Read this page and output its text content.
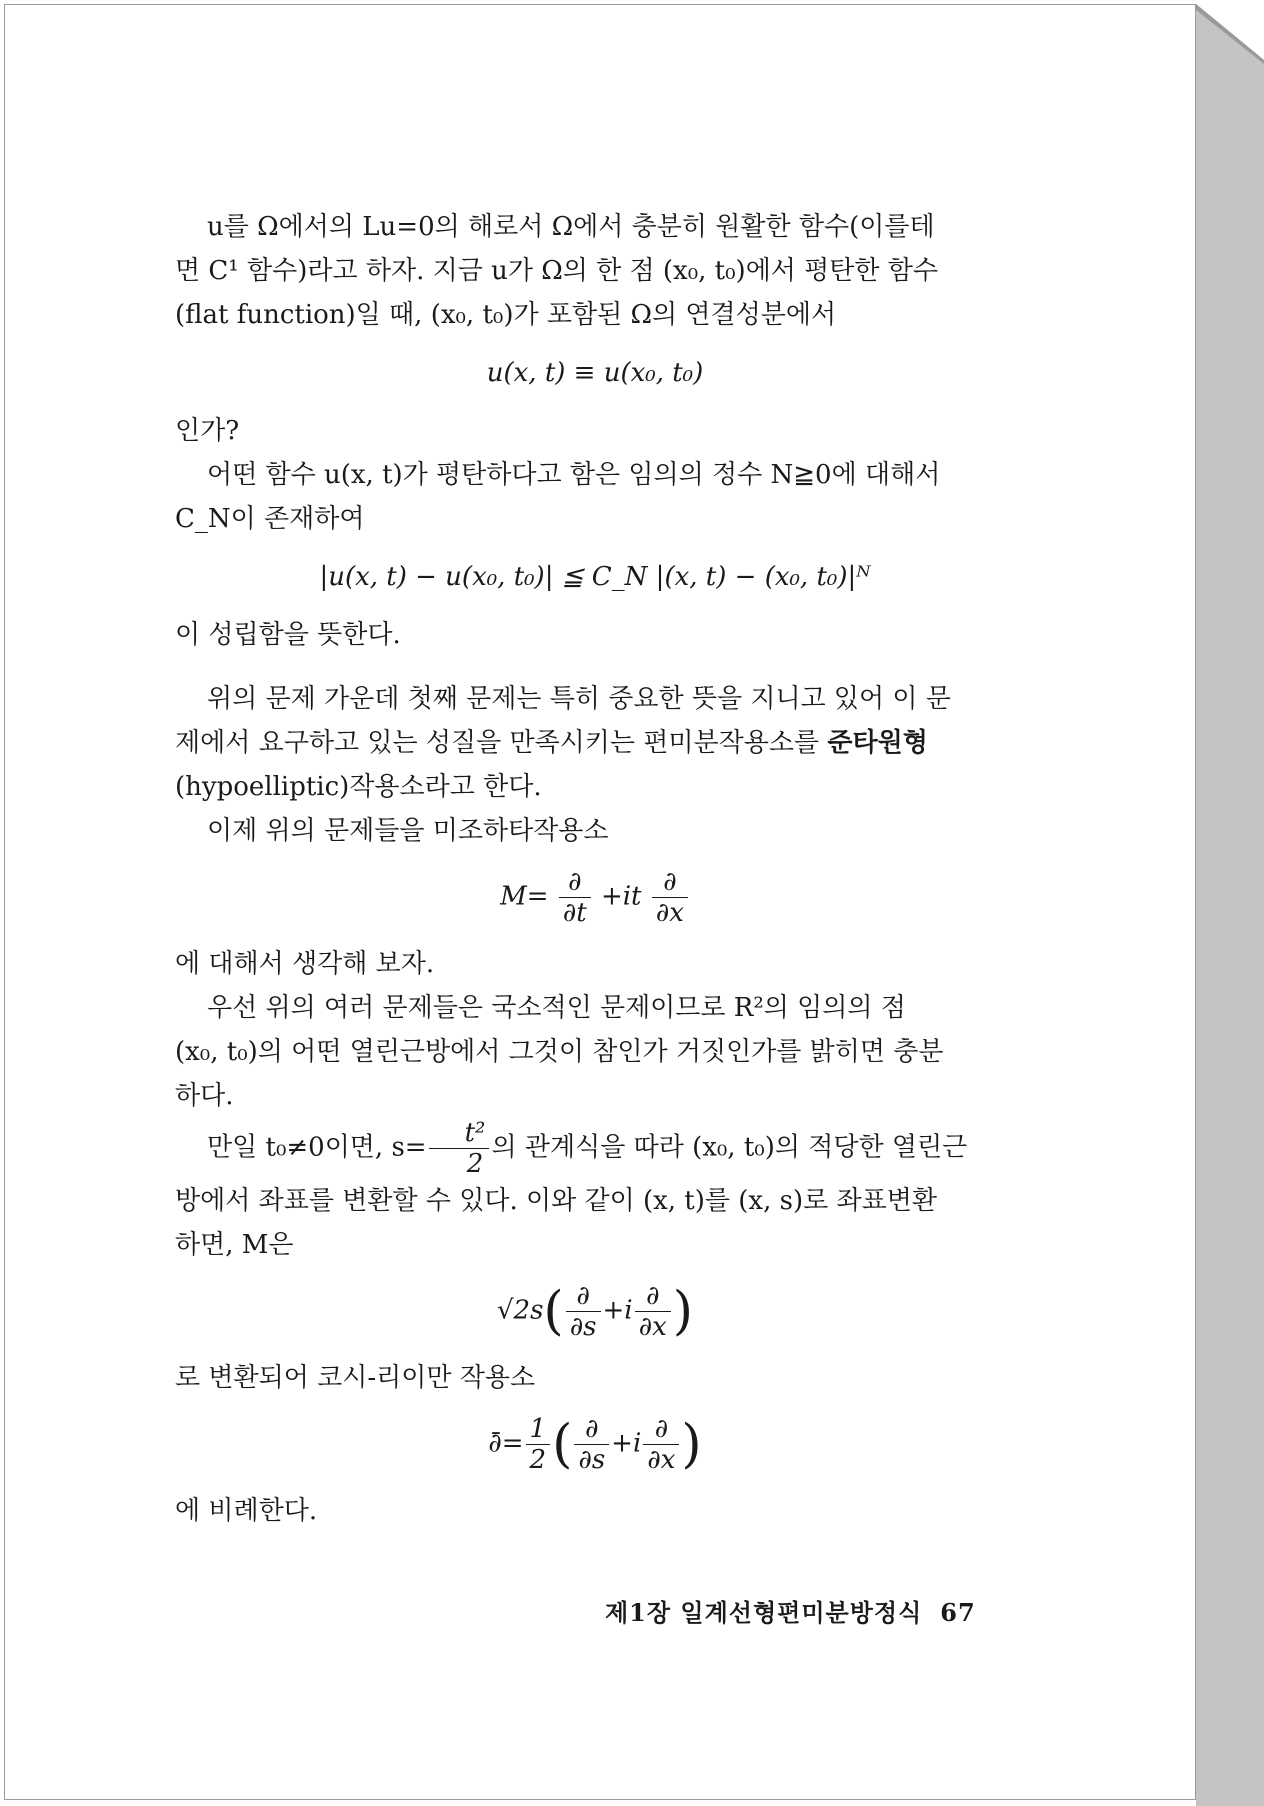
u를 Ω에서의 Lu=0의 해로서 Ω에서 충분히 원활한 함수(이를테

면 C¹ 함수)라고 하자. 지금 u가 Ω의 한 점 (x₀, t₀)에서 평탄한 함수

(flat function)일 때, (x₀, t₀)가 포함된 Ω의 연결성분에서

u(x, t) ≡ u(x₀, t₀)

인가?

어떤 함수 u(x, t)가 평탄하다고 함은 임의의 정수 N≧0에 대해서

C_N이 존재하여

|u(x, t) − u(x₀, t₀)| ≦ C_N |(x, t) − (x₀, t₀)|ᴺ

이 성립함을 뜻한다.

위의 문제 가운데 첫째 문제는 특히 중요한 뜻을 지니고 있어 이 문

제에서 요구하고 있는 성질을 만족시키는 편미분작용소를 준타원형

(hypoelliptic)작용소라고 한다.

이제 위의 문제들을 미조하타작용소

$M= \frac{\partial}{\partial t} +it \frac{\partial}{\partial x}$

에 대해서 생각해 보자.

우선 위의 여러 문제들은 국소적인 문제이므로 R²의 임의의 점

(x₀, t₀)의 어떤 열린근방에서 그것이 참인가 거짓인가를 밝히면 충분

하다.

만일 t₀≠0이면, $s= \frac{\text{t²}}{2}$ 의 관계식을 따라 (x₀, t₀)의 적당한 열린근

방에서 좌표를 변환할 수 있다. 이와 같이 (x, t)를 (x, s)로 좌표변환

하면, M은

$√2s( \frac{\partial}{\partial s} +i \frac{\partial}{\partial x}$ )

로 변환되어 코시-리이만 작용소

∂̄= $\frac{1}{2}$ ( $\frac{\partial}{\partial s} +i \frac{\partial}{\partial x}$ )

에 비례한다.

제1장 일계선형편미분방정식 67
